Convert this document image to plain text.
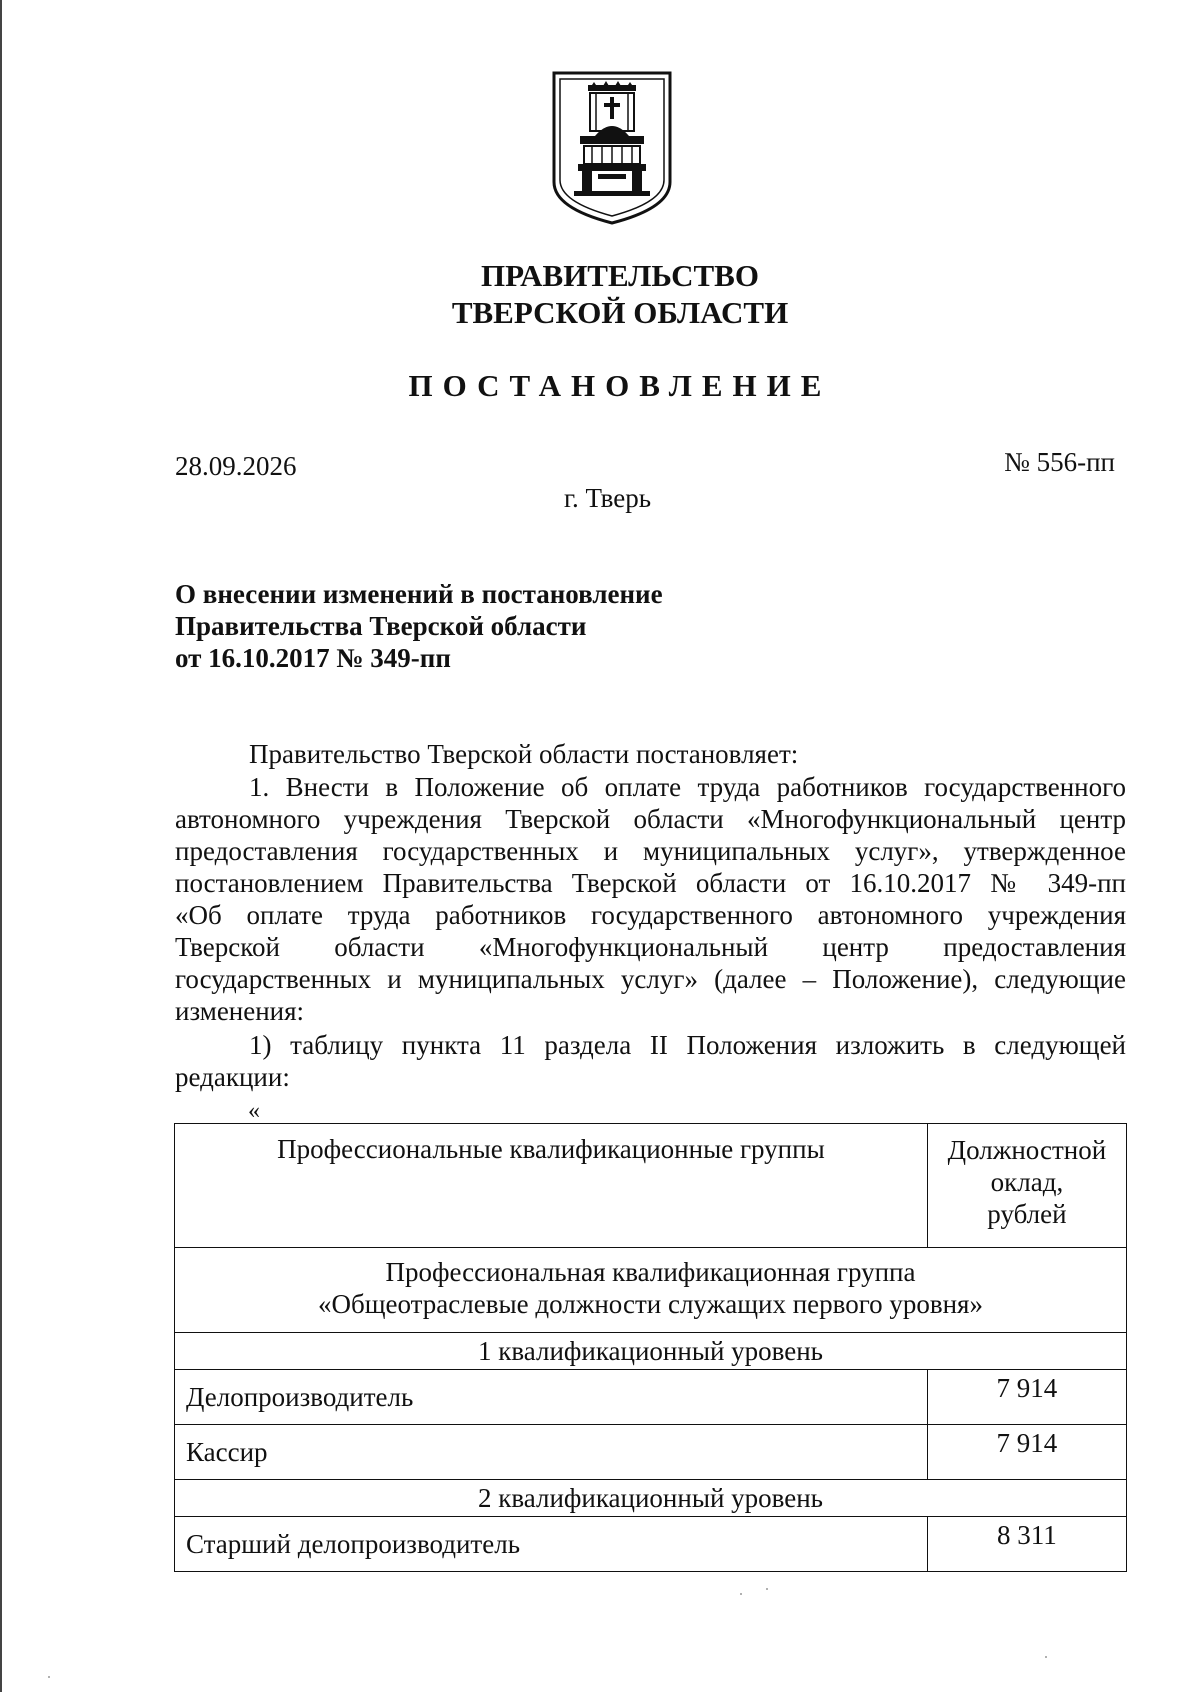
ПРАВИТЕЛЬСТВО
ТВЕРСКОЙ ОБЛАСТИ
ПОСТАНОВЛЕНИЕ
28.09.2026	№ 556-пп
г. Тверь
О внесении изменений в постановление
Правительства Тверской области
от 16.10.2017 № 349-пп
Правительство Тверской области постановляет:
1. Внести в Положение об оплате труда работников государственного
автономного учреждения Тверской области «Многофункциональный центр
предоставления государственных и муниципальных услуг», утвержденное
постановлением Правительства Тверской области от 16.10.2017 № 349-пп
«Об оплате труда работников государственного автономного учреждения
Тверской области «Многофункциональный центр предоставления
государственных и муниципальных услуг» (далее – Положение), следующие
изменения:
1) таблицу пункта 11 раздела II Положения изложить в следующей
редакции:
«
Профессиональные квалификационные группы	Должностной
оклад,
рублей

Профессиональная квалификационная группа
«Общеотраслевые должности служащих первого уровня»	

1 квалификационный уровень	
Делопроизводитель	7 914
Кассир	7 914
2 квалификационный уровень	
Старший делопроизводитель	8 311
